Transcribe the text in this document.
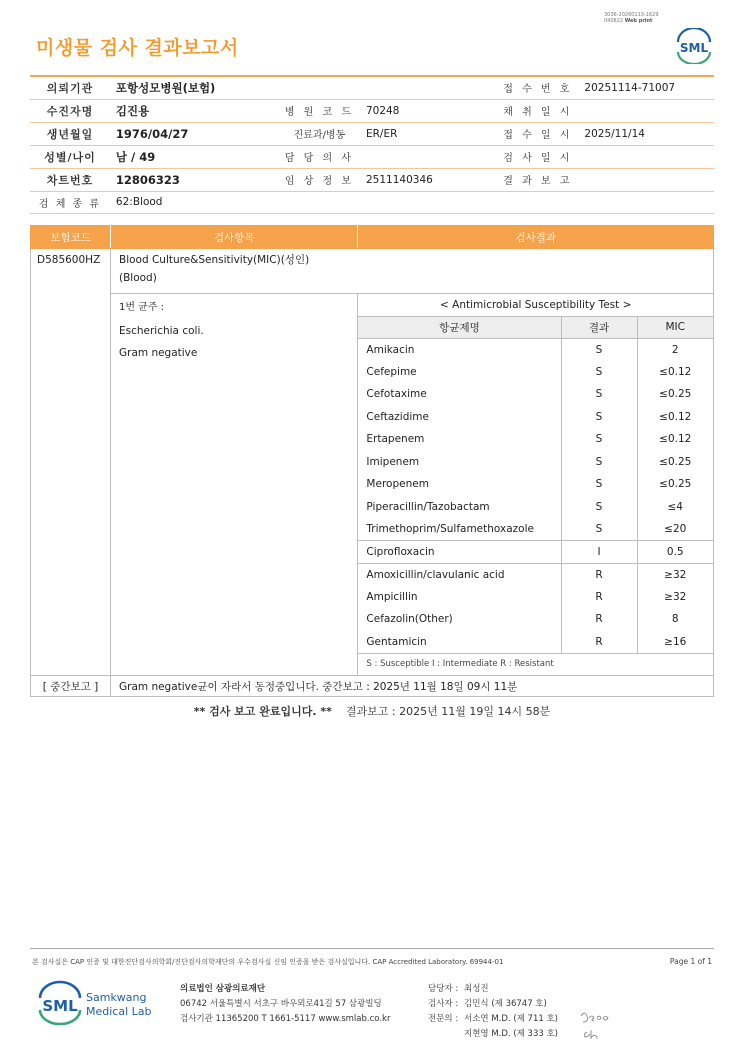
3036-20260113-1629
040822 Web print
미생물 검사 결과보고서	SML
의뢰기관	포항성모병원(보험)			접 수 번 호	20251114-71007
수진자명	김진용	병 원 코 드	70248	채 취 일 시	
생년월일	1976/04/27	진료과/병동	ER/ER	접 수 일 시	2025/11/14
성별/나이	남 / 49	담 당 의 사		검 사 일 시	
차트번호	12806323	임 상 정 보	2511140346	결 과 보 고	
검 체 종 류	62:Blood				
보험코드	검사항목	검사결과
D585600HZ	Blood Culture&Sensitivity(MIC)(성인)
(Blood)

1번 균주 :
Escherichia coli.
Gram negative

< Antimicrobial Susceptibility Test >
항균제명	결과	MIC
Amikacin	S	2
Cefepime	S	≤0.12
Cefotaxime	S	≤0.25
Ceftazidime	S	≤0.12
Ertapenem	S	≤0.12
Imipenem	S	≤0.25
Meropenem	S	≤0.25
Piperacillin/Tazobactam	S	≤4
Trimethoprim/Sulfamethoxazole	S	≤20
Ciprofloxacin	I	0.5
Amoxicillin/clavulanic acid	R	≥32
Ampicillin	R	≥32
Cefazolin(Other)	R	8
Gentamicin	R	≥16
S : Susceptible I : Intermediate R : Resistant

[ 중간보고 ]	Gram negative균이 자라서 동정중입니다. 중간보고 : 2025년 11월 18일 09시 11분
** 검사 보고 완료입니다. ** 결과보고 : 2025년 11월 19일 14시 58분
본 검사실은 CAP 인증 및 대한진단검사의학회/진단검사의학재단의 우수검사실 신임 인증을 받은 검사실입니다. CAP Accredited Laboratory. 69944-01	Page 1 of 1
SML Samkwang
Medical Lab
의료법인 삼광의료재단
06742 서울특별시 서초구 바우뫼로41길 57 삼광빌딩
검사기관 11365200 T 1661-5117 www.smlab.co.kr
담당자 : 최성진
검사자 : 김민식 (제 36747 호)
전문의 : 서소연 M.D. (제 711 호)
지현영 M.D. (제 333 호)
